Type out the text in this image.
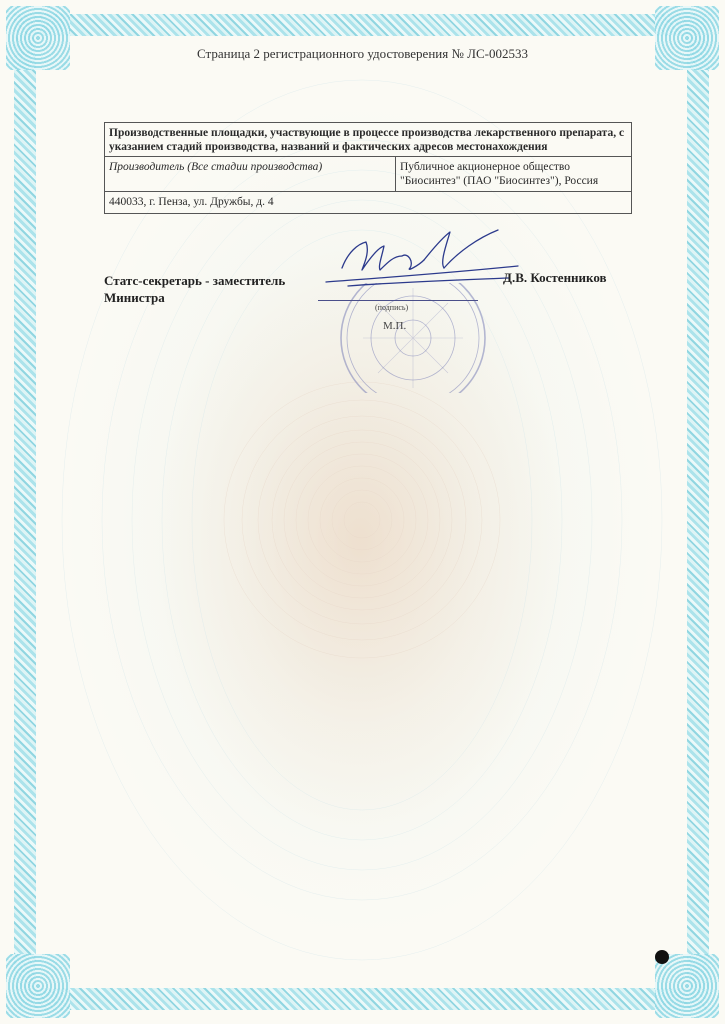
Страница 2 регистрационного удостоверения № ЛС-002533
Производственные площадки, участвующие в процессе производства лекарственного препарата, с указанием стадий производства, названий и фактических адресов местонахождения
Производитель (Все стадии производства)	Публичное акционерное общество "Биосинтез" (ПАО "Биосинтез"), Россия
440033, г. Пенза, ул. Дружбы, д. 4
Статс-секретарь - заместитель
Министра
(подпись)
М.П.
Д.В. Костенников
